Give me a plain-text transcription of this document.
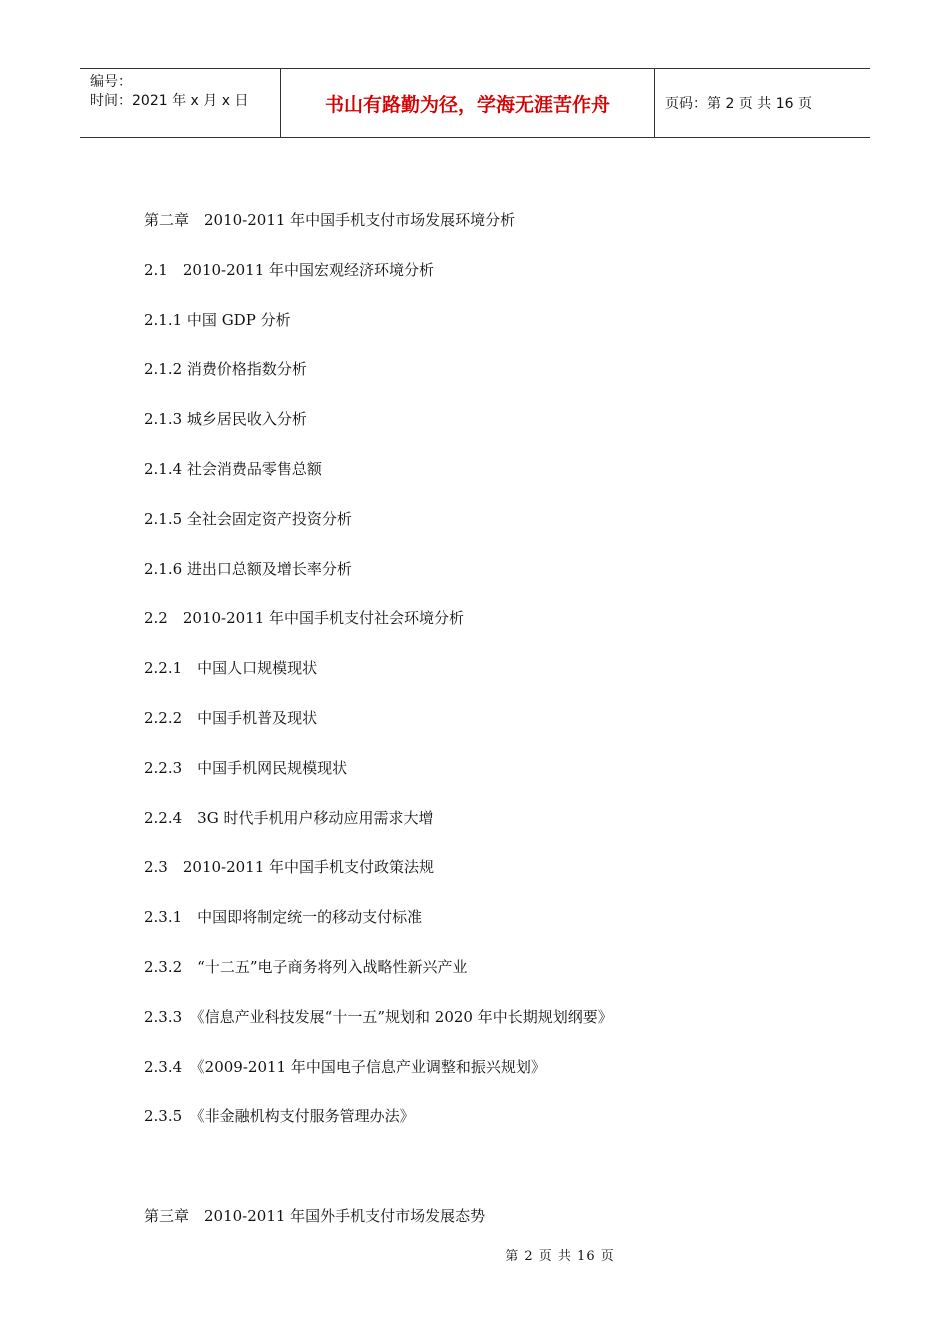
编号：
时间：2021 年 x 月 x 日	书山有路勤为径，学海无涯苦作舟	页码：第 2 页 共 16 页
第二章　2010-2011 年中国手机支付市场发展环境分析
2.1　2010-2011 年中国宏观经济环境分析
2.1.1 中国 GDP 分析
2.1.2 消费价格指数分析
2.1.3 城乡居民收入分析
2.1.4 社会消费品零售总额
2.1.5 全社会固定资产投资分析
2.1.6 进出口总额及增长率分析
2.2　2010-2011 年中国手机支付社会环境分析
2.2.1　中国人口规模现状
2.2.2　中国手机普及现状
2.2.3　中国手机网民规模现状
2.2.4　3G 时代手机用户移动应用需求大增
2.3　2010-2011 年中国手机支付政策法规
2.3.1　中国即将制定统一的移动支付标准
2.3.2　“十二五”电子商务将列入战略性新兴产业
2.3.3　《信息产业科技发展“十一五”规划和 2020 年中长期规划纲要》
2.3.4　《2009-2011 年中国电子信息产业调整和振兴规划》
2.3.5　《非金融机构支付服务管理办法》
第三章　2010-2011 年国外手机支付市场发展态势
第 2 页 共 16 页
